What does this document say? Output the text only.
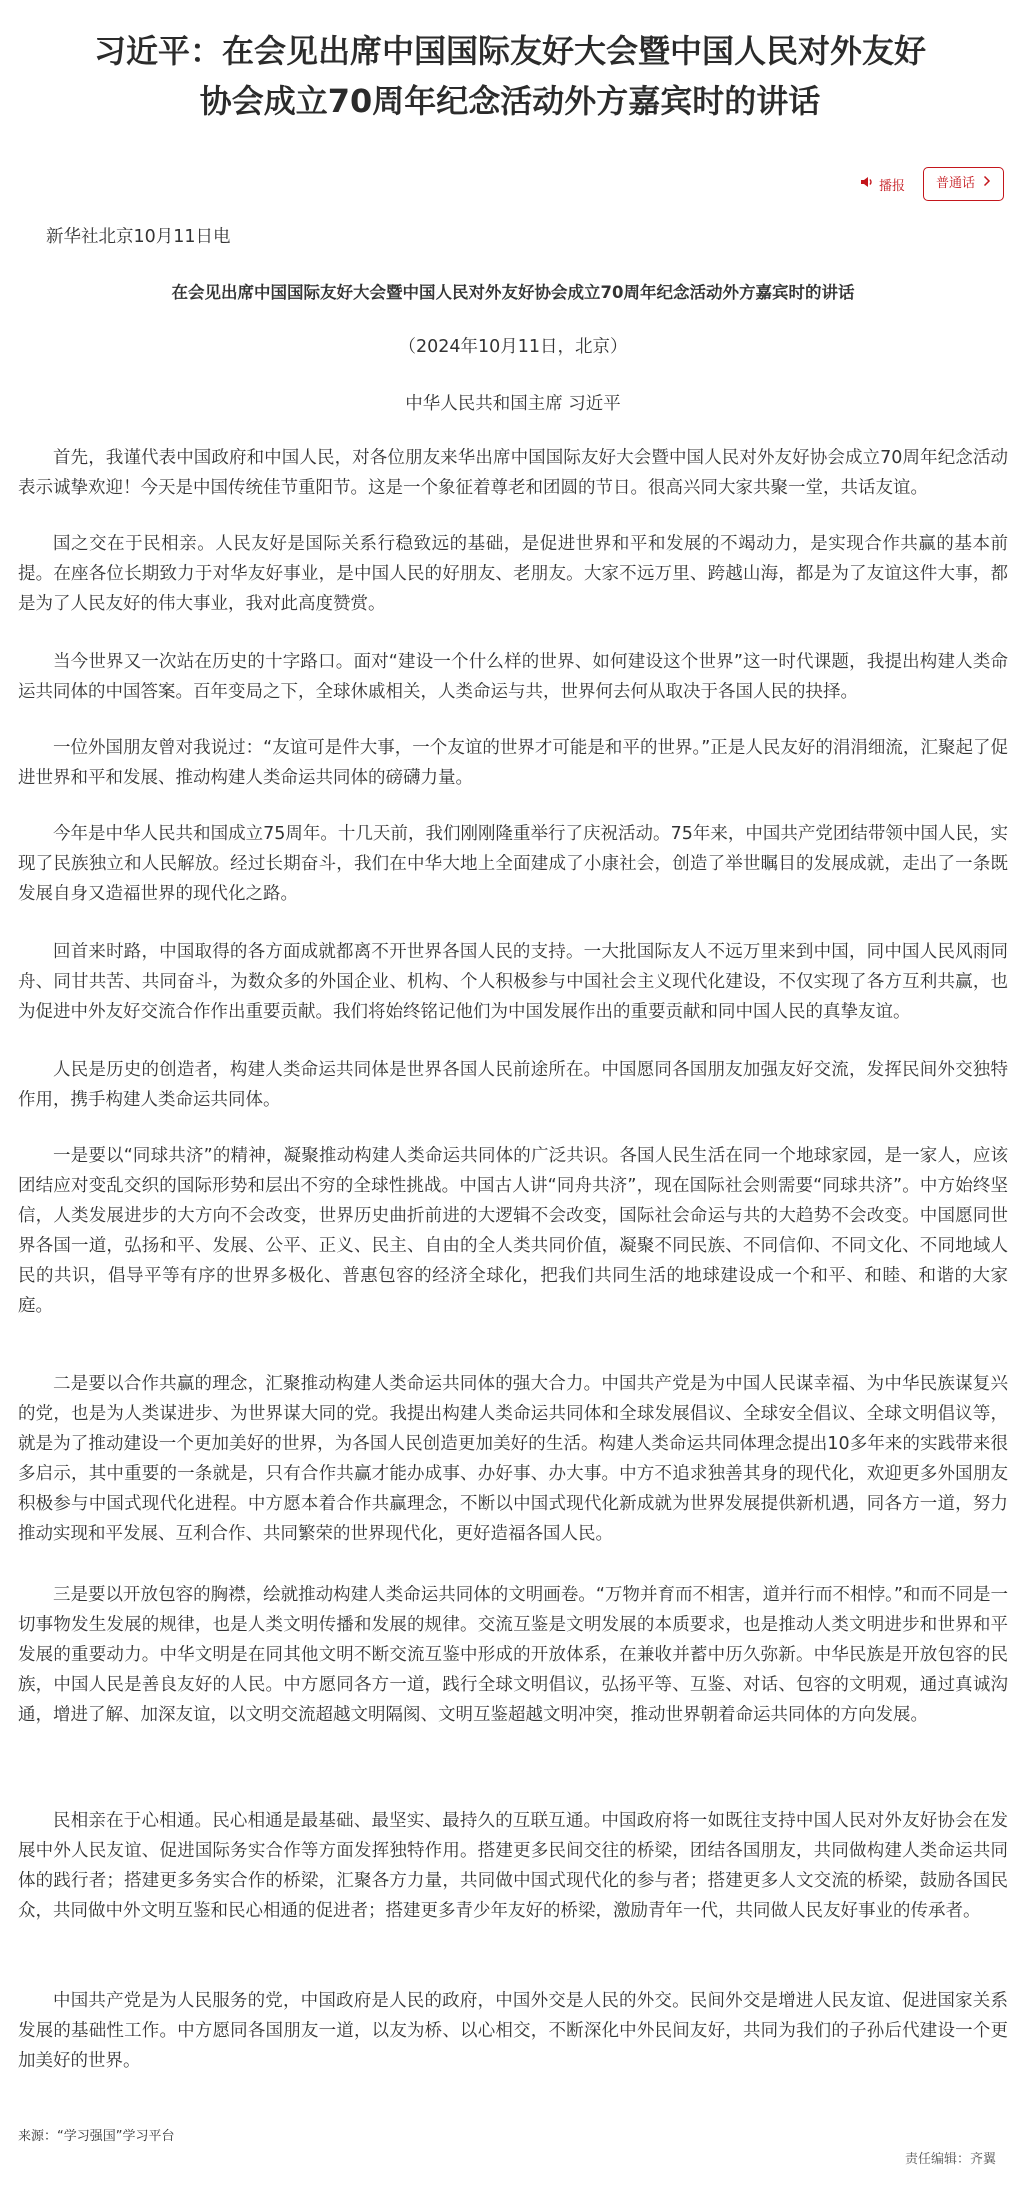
习近平：在会见出席中国国际友好大会暨中国人民对外友好
协会成立70周年纪念活动外方嘉宾时的讲话
播报 普通话

新华社北京10月11日电

在会见出席中国国际友好大会暨中国人民对外友好协会成立70周年纪念活动外方嘉宾时的讲话

（2024年10月11日，北京）

中华人民共和国主席 习近平

首先，我谨代表中国政府和中国人民，对各位朋友来华出席中国国际友好大会暨中国人民对外友好协会成立70周年纪念活动表示诚挚欢迎！今天是中国传统佳节重阳节。这是一个象征着尊老和团圆的节日。很高兴同大家共聚一堂，共话友谊。

国之交在于民相亲。人民友好是国际关系行稳致远的基础，是促进世界和平和发展的不竭动力，是实现合作共赢的基本前提。在座各位长期致力于对华友好事业，是中国人民的好朋友、老朋友。大家不远万里、跨越山海，都是为了友谊这件大事，都是为了人民友好的伟大事业，我对此高度赞赏。

当今世界又一次站在历史的十字路口。面对“建设一个什么样的世界、如何建设这个世界”这一时代课题，我提出构建人类命运共同体的中国答案。百年变局之下，全球休戚相关，人类命运与共，世界何去何从取决于各国人民的抉择。

一位外国朋友曾对我说过：“友谊可是件大事，一个友谊的世界才可能是和平的世界。”正是人民友好的涓涓细流，汇聚起了促进世界和平和发展、推动构建人类命运共同体的磅礴力量。

今年是中华人民共和国成立75周年。十几天前，我们刚刚隆重举行了庆祝活动。75年来，中国共产党团结带领中国人民，实现了民族独立和人民解放。经过长期奋斗，我们在中华大地上全面建成了小康社会，创造了举世瞩目的发展成就，走出了一条既发展自身又造福世界的现代化之路。

回首来时路，中国取得的各方面成就都离不开世界各国人民的支持。一大批国际友人不远万里来到中国，同中国人民风雨同舟、同甘共苦、共同奋斗，为数众多的外国企业、机构、个人积极参与中国社会主义现代化建设，不仅实现了各方互利共赢，也为促进中外友好交流合作作出重要贡献。我们将始终铭记他们为中国发展作出的重要贡献和同中国人民的真挚友谊。

人民是历史的创造者，构建人类命运共同体是世界各国人民前途所在。中国愿同各国朋友加强友好交流，发挥民间外交独特作用，携手构建人类命运共同体。

一是要以“同球共济”的精神，凝聚推动构建人类命运共同体的广泛共识。各国人民生活在同一个地球家园，是一家人，应该团结应对变乱交织的国际形势和层出不穷的全球性挑战。中国古人讲“同舟共济”，现在国际社会则需要“同球共济”。中方始终坚信，人类发展进步的大方向不会改变，世界历史曲折前进的大逻辑不会改变，国际社会命运与共的大趋势不会改变。中国愿同世界各国一道，弘扬和平、发展、公平、正义、民主、自由的全人类共同价值，凝聚不同民族、不同信仰、不同文化、不同地域人民的共识，倡导平等有序的世界多极化、普惠包容的经济全球化，把我们共同生活的地球建设成一个和平、和睦、和谐的大家庭。

二是要以合作共赢的理念，汇聚推动构建人类命运共同体的强大合力。中国共产党是为中国人民谋幸福、为中华民族谋复兴的党，也是为人类谋进步、为世界谋大同的党。我提出构建人类命运共同体和全球发展倡议、全球安全倡议、全球文明倡议等，就是为了推动建设一个更加美好的世界，为各国人民创造更加美好的生活。构建人类命运共同体理念提出10多年来的实践带来很多启示，其中重要的一条就是，只有合作共赢才能办成事、办好事、办大事。中方不追求独善其身的现代化，欢迎更多外国朋友积极参与中国式现代化进程。中方愿本着合作共赢理念，不断以中国式现代化新成就为世界发展提供新机遇，同各方一道，努力推动实现和平发展、互利合作、共同繁荣的世界现代化，更好造福各国人民。

三是要以开放包容的胸襟，绘就推动构建人类命运共同体的文明画卷。“万物并育而不相害，道并行而不相悖。”和而不同是一切事物发生发展的规律，也是人类文明传播和发展的规律。交流互鉴是文明发展的本质要求，也是推动人类文明进步和世界和平发展的重要动力。中华文明是在同其他文明不断交流互鉴中形成的开放体系，在兼收并蓄中历久弥新。中华民族是开放包容的民族，中国人民是善良友好的人民。中方愿同各方一道，践行全球文明倡议，弘扬平等、互鉴、对话、包容的文明观，通过真诚沟通，增进了解、加深友谊，以文明交流超越文明隔阂、文明互鉴超越文明冲突，推动世界朝着命运共同体的方向发展。

民相亲在于心相通。民心相通是最基础、最坚实、最持久的互联互通。中国政府将一如既往支持中国人民对外友好协会在发展中外人民友谊、促进国际务实合作等方面发挥独特作用。搭建更多民间交往的桥梁，团结各国朋友，共同做构建人类命运共同体的践行者；搭建更多务实合作的桥梁，汇聚各方力量，共同做中国式现代化的参与者；搭建更多人文交流的桥梁，鼓励各国民众，共同做中外文明互鉴和民心相通的促进者；搭建更多青少年友好的桥梁，激励青年一代，共同做人民友好事业的传承者。

中国共产党是为人民服务的党，中国政府是人民的政府，中国外交是人民的外交。民间外交是增进人民友谊、促进国家关系发展的基础性工作。中方愿同各国朋友一道，以友为桥、以心相交，不断深化中外民间友好，共同为我们的子孙后代建设一个更加美好的世界。

来源：“学习强国”学习平台
责任编辑：齐翼
